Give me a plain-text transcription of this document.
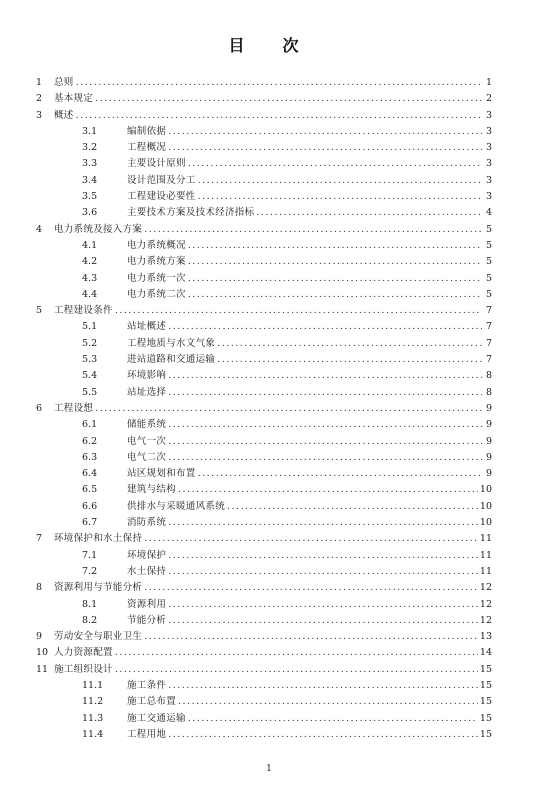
目　次
1	总则 .....	1
2	基本规定 .....	2
3	概述 .....	3
3.1	编制依据 .....	3
3.2	工程概况 .....	3
3.3	主要设计原则 .....	3
3.4	设计范围及分工 .....	3
3.5	工程建设必要性 .....	3
3.6	主要技术方案及技术经济指标 .....	4
4	电力系统及接入方案 .....	5
4.1	电力系统概况 .....	5
4.2	电力系统方案 .....	5
4.3	电力系统一次 .....	5
4.4	电力系统二次 .....	5
5	工程建设条件 .....	7
5.1	站址概述 .....	7
5.2	工程地质与水文气象 .....	7
5.3	进站道路和交通运输 .....	7
5.4	环境影响 .....	8
5.5	站址选择 .....	8
6	工程设想 .....	9
6.1	储能系统 .....	9
6.2	电气一次 .....	9
6.3	电气二次 .....	9
6.4	站区规划和布置 .....	9
6.5	建筑与结构 .....	10
6.6	供排水与采暖通风系统 .....	10
6.7	消防系统 .....	10
7	环境保护和水土保持 .....	11
7.1	环境保护 .....	11
7.2	水土保持 .....	11
8	资源利用与节能分析 .....	12
8.1	资源利用 .....	12
8.2	节能分析 .....	12
9	劳动安全与职业卫生 .....	13
10 人力资源配置 .....	14
11 施工组织设计 .....	15
11.1	施工条件 .....	15
11.2	施工总布置 .....	15
11.3	施工交通运输 .....	15
11.4	工程用地 .....	15
1
